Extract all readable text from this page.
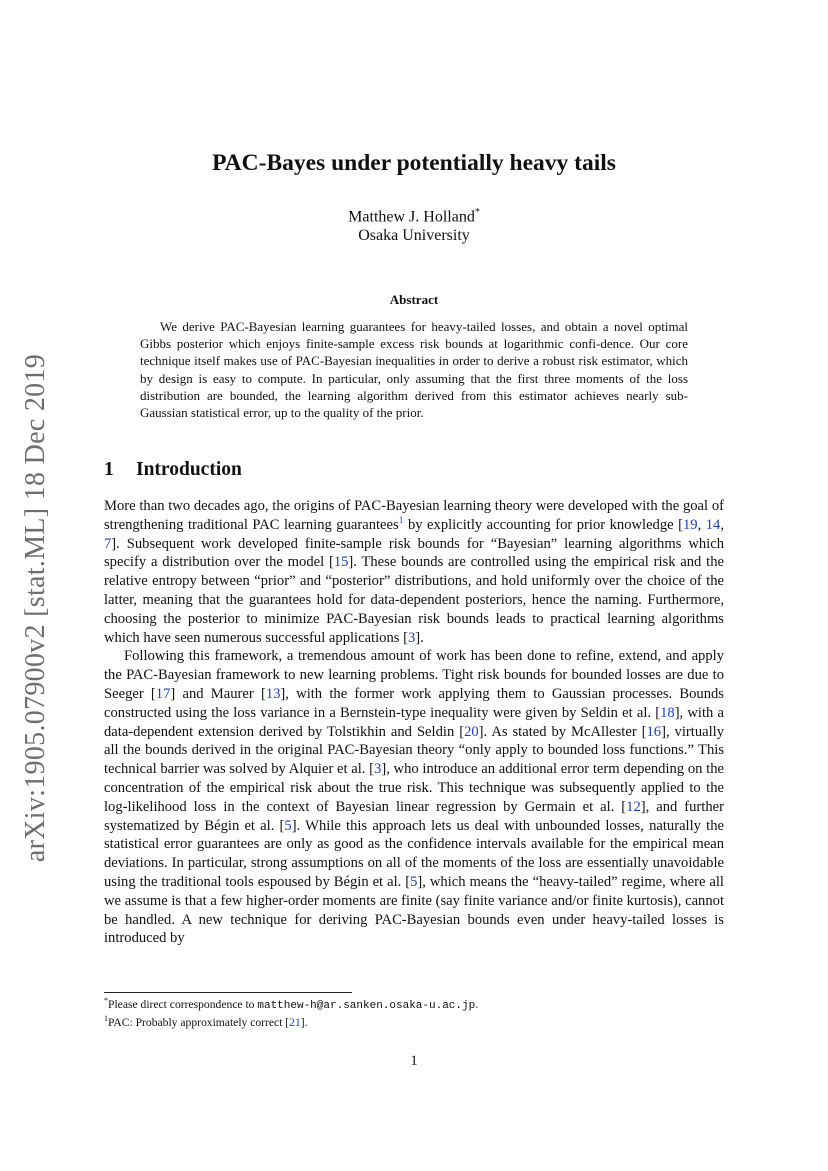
arXiv:1905.07900v2 [stat.ML] 18 Dec 2019
PAC-Bayes under potentially heavy tails
Matthew J. Holland*
Osaka University
Abstract

We derive PAC-Bayesian learning guarantees for heavy-tailed losses, and obtain a novel optimal Gibbs posterior which enjoys finite-sample excess risk bounds at logarithmic confi-dence. Our core technique itself makes use of PAC-Bayesian inequalities in order to derive a robust risk estimator, which by design is easy to compute. In particular, only assuming that the first three moments of the loss distribution are bounded, the learning algorithm derived from this estimator achieves nearly sub-Gaussian statistical error, up to the quality of the prior.

1 Introduction

More than two decades ago, the origins of PAC-Bayesian learning theory were developed with the goal of strengthening traditional PAC learning guarantees$^1$ by explicitly accounting for prior knowledge [19, 14, 7]. Subsequent work developed finite-sample risk bounds for “Bayesian” learning algorithms which specify a distribution over the model [15]. These bounds are controlled using the empirical risk and the relative entropy between “prior” and “posterior” distributions, and hold uniformly over the choice of the latter, meaning that the guarantees hold for data-dependent posteriors, hence the naming. Furthermore, choosing the posterior to minimize PAC-Bayesian risk bounds leads to practical learning algorithms which have seen numerous successful applications [3].

Following this framework, a tremendous amount of work has been done to refine, extend, and apply the PAC-Bayesian framework to new learning problems. Tight risk bounds for bounded losses are due to Seeger [17] and Maurer [13], with the former work applying them to Gaussian processes. Bounds constructed using the loss variance in a Bernstein-type inequality were given by Seldin et al. [18], with a data-dependent extension derived by Tolstikhin and Seldin [20]. As stated by McAllester [16], virtually all the bounds derived in the original PAC-Bayesian theory “only apply to bounded loss functions.” This technical barrier was solved by Alquier et al. [3], who introduce an additional error term depending on the concentration of the empirical risk about the true risk. This technique was subsequently applied to the log-likelihood loss in the context of Bayesian linear regression by Germain et al. [12], and further systematized by Bégin et al. [5]. While this approach lets us deal with unbounded losses, naturally the statistical error guarantees are only as good as the confidence intervals available for the empirical mean deviations. In particular, strong assumptions on all of the moments of the loss are essentially unavoidable using the traditional tools espoused by Bégin et al. [5], which means the “heavy-tailed” regime, where all we assume is that a few higher-order moments are finite (say finite variance and/or finite kurtosis), cannot be handled. A new technique for deriving PAC-Bayesian bounds even under heavy-tailed losses is introduced by

*Please direct correspondence to matthew-h@ar.sanken.osaka-u.ac.jp.
$^1$PAC: Probably approximately correct [21].
1
